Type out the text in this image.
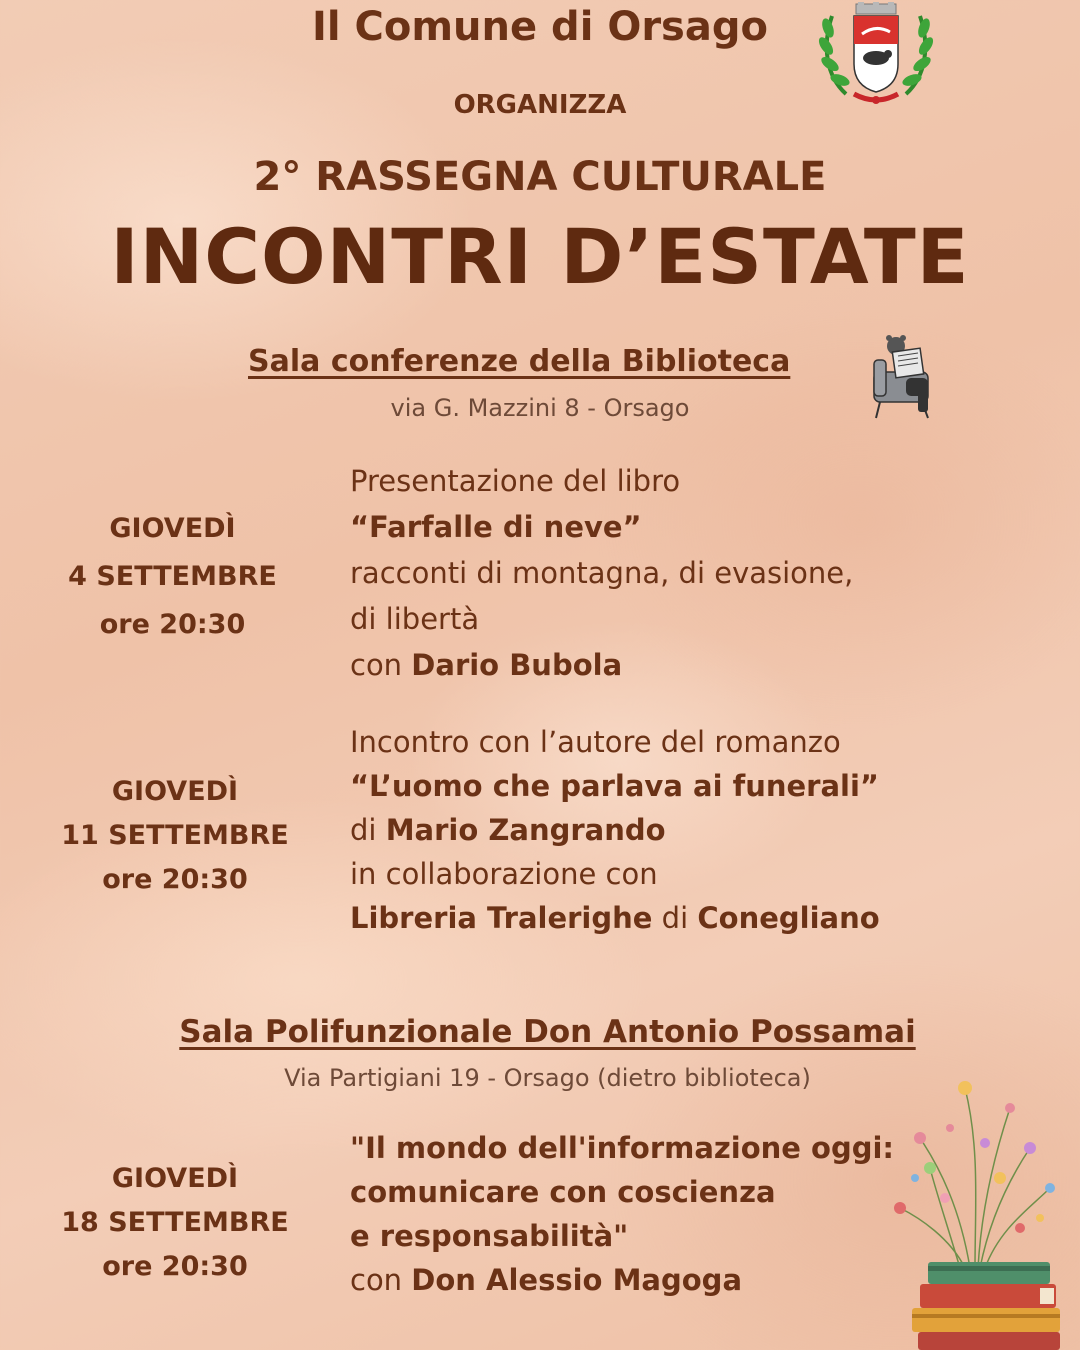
Il Comune di Orsago
ORGANIZZA
2° RASSEGNA CULTURALE
INCONTRI D’ESTATE
Sala conferenze della Biblioteca
via G. Mazzini 8 - Orsago
GIOVEDÌ
4 SETTEMBRE
ore 20:30
Presentazione del libro
“Farfalle di neve”
racconti di montagna, di evasione,
di libertà
con Dario Bubola
GIOVEDÌ
11 SETTEMBRE
ore 20:30
Incontro con l’autore del romanzo
“L’uomo che parlava ai funerali”
di Mario Zangrando
in collaborazione con
Libreria Tralerighe di Conegliano
Sala Polifunzionale Don Antonio Possamai
Via Partigiani 19 - Orsago (dietro biblioteca)
GIOVEDÌ
18 SETTEMBRE
ore 20:30
"Il mondo dell'informazione oggi:
comunicare con coscienza
e responsabilità"
con Don Alessio Magoga
